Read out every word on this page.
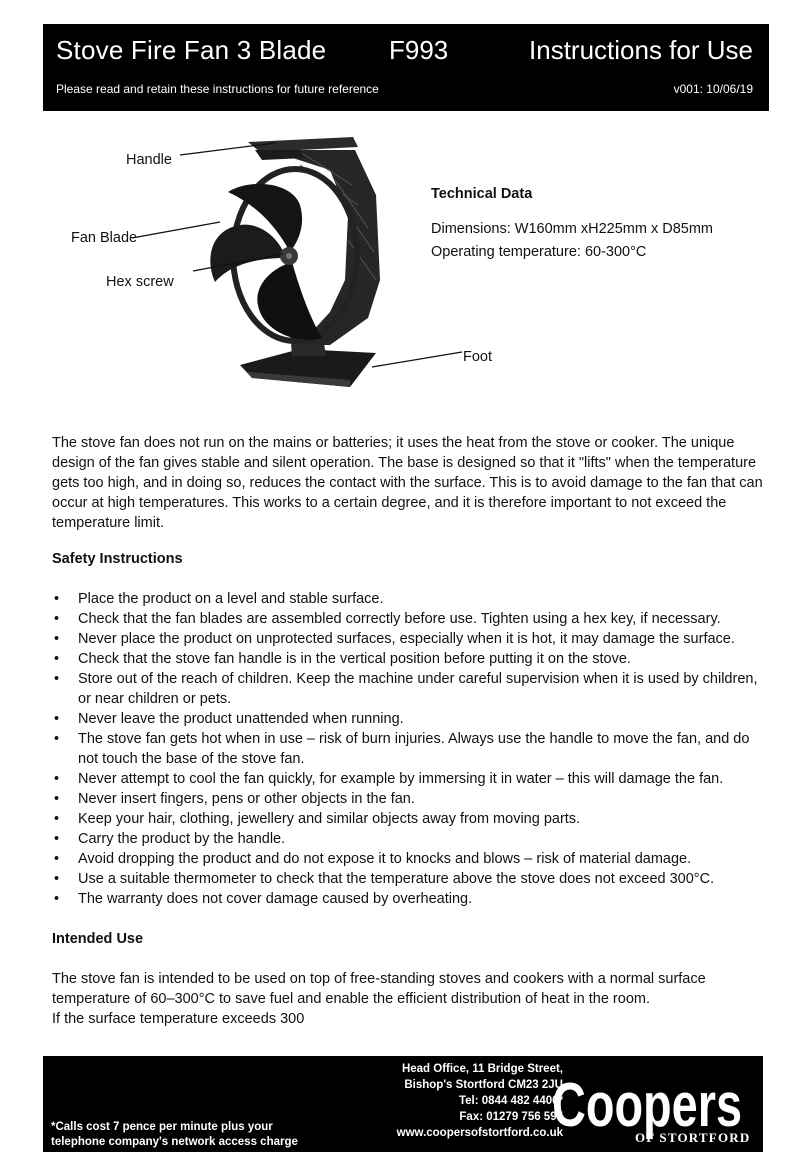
Stove Fire Fan 3 Blade F993	Instructions for Use
Please read and retain these instructions for future reference	v001: 10/06/19
Handle
Fan Blade
Hex screw
Foot
Technical Data
Dimensions: W160mm xH225mm x D85mm
Operating temperature: 60-300°C
The stove fan does not run on the mains or batteries; it uses the heat from the stove or cooker. The unique design of the fan gives stable and silent operation. The base is designed so that it "lifts" when the temperature gets too high, and in doing so, reduces the contact with the surface. This is to avoid damage to the fan that can occur at high temperatures. This works to a certain degree, and it is therefore important to not exceed the temperature limit.
Safety Instructions
• Place the product on a level and stable surface.
• Check that the fan blades are assembled correctly before use. Tighten using a hex key, if necessary.
• Never place the product on unprotected surfaces, especially when it is hot, it may damage the surface.
• Check that the stove fan handle is in the vertical position before putting it on the stove.
• Store out of the reach of children. Keep the machine under careful supervision when it is used by children, or near children or pets.
• Never leave the product unattended when running.
• The stove fan gets hot when in use – risk of burn injuries. Always use the handle to move the fan, and do not touch the base of the stove fan.
• Never attempt to cool the fan quickly, for example by immersing it in water – this will damage the fan.
• Never insert fingers, pens or other objects in the fan.
• Keep your hair, clothing, jewellery and similar objects away from moving parts.
• Carry the product by the handle.
• Avoid dropping the product and do not expose it to knocks and blows – risk of material damage.
• Use a suitable thermometer to check that the temperature above the stove does not exceed 300°C.
• The warranty does not cover damage caused by overheating.
Intended Use
The stove fan is intended to be used on top of free-standing stoves and cookers with a normal surface temperature of 60–300°C to save fuel and enable the efficient distribution of heat in the room.
If the surface temperature exceeds 300
*Calls cost 7 pence per minute plus your
telephone company's network access charge
Head Office, 11 Bridge Street,
Bishop's Stortford CM23 2JU
Tel: 0844 482 4400*
Fax: 01279 756 595
www.coopersofstortford.co.uk
Coopers
OF STORTFORD
